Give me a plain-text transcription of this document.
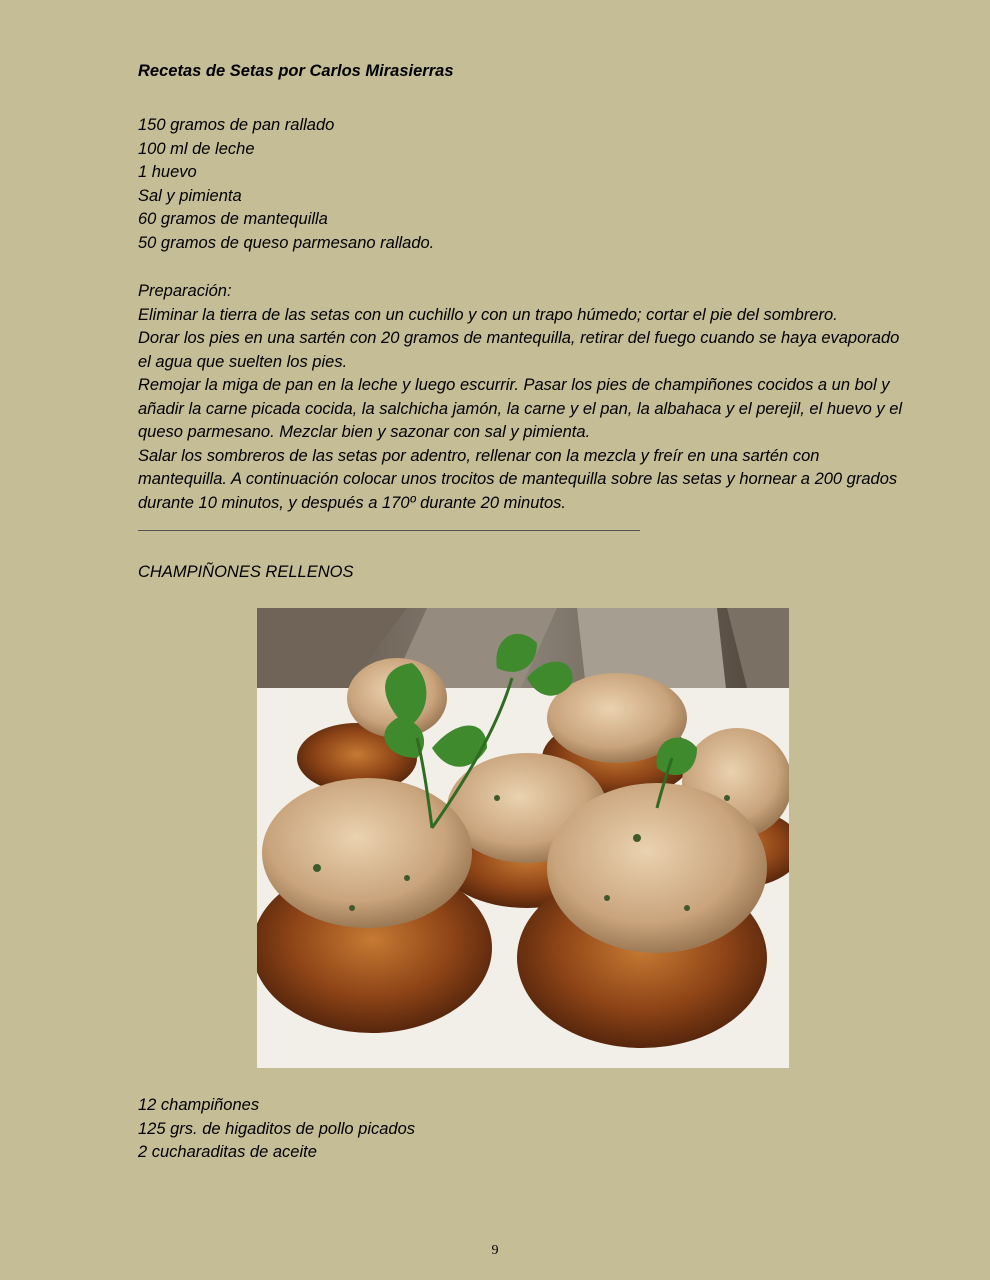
Recetas de Setas por Carlos Mirasierras
150 gramos de pan rallado
100 ml de leche
1 huevo
Sal y pimienta
60 gramos de mantequilla
50 gramos de queso parmesano rallado.

Preparación:

Eliminar la tierra de las setas con un cuchillo y con un trapo húmedo; cortar el pie del sombrero.

Dorar los pies en una sartén con 20 gramos de mantequilla, retirar del fuego cuando se haya evaporado el agua que suelten los pies.

Remojar la miga de pan en la leche y luego escurrir. Pasar los pies de champiñones cocidos a un bol y añadir la carne picada cocida, la salchicha jamón, la carne y el pan, la albahaca y el perejil, el huevo y el queso parmesano. Mezclar bien y sazonar con sal y pimienta.

Salar los sombreros de las setas por adentro, rellenar con la mezcla y freír en una sartén con mantequilla. A continuación colocar unos trocitos de mantequilla sobre las setas y hornear a 200 grados durante 10 minutos, y después a 170º durante 20 minutos.

CHAMPIÑONES RELLENOS
12 champiñones
125 grs. de higaditos de pollo picados
2 cucharaditas de aceite
9
